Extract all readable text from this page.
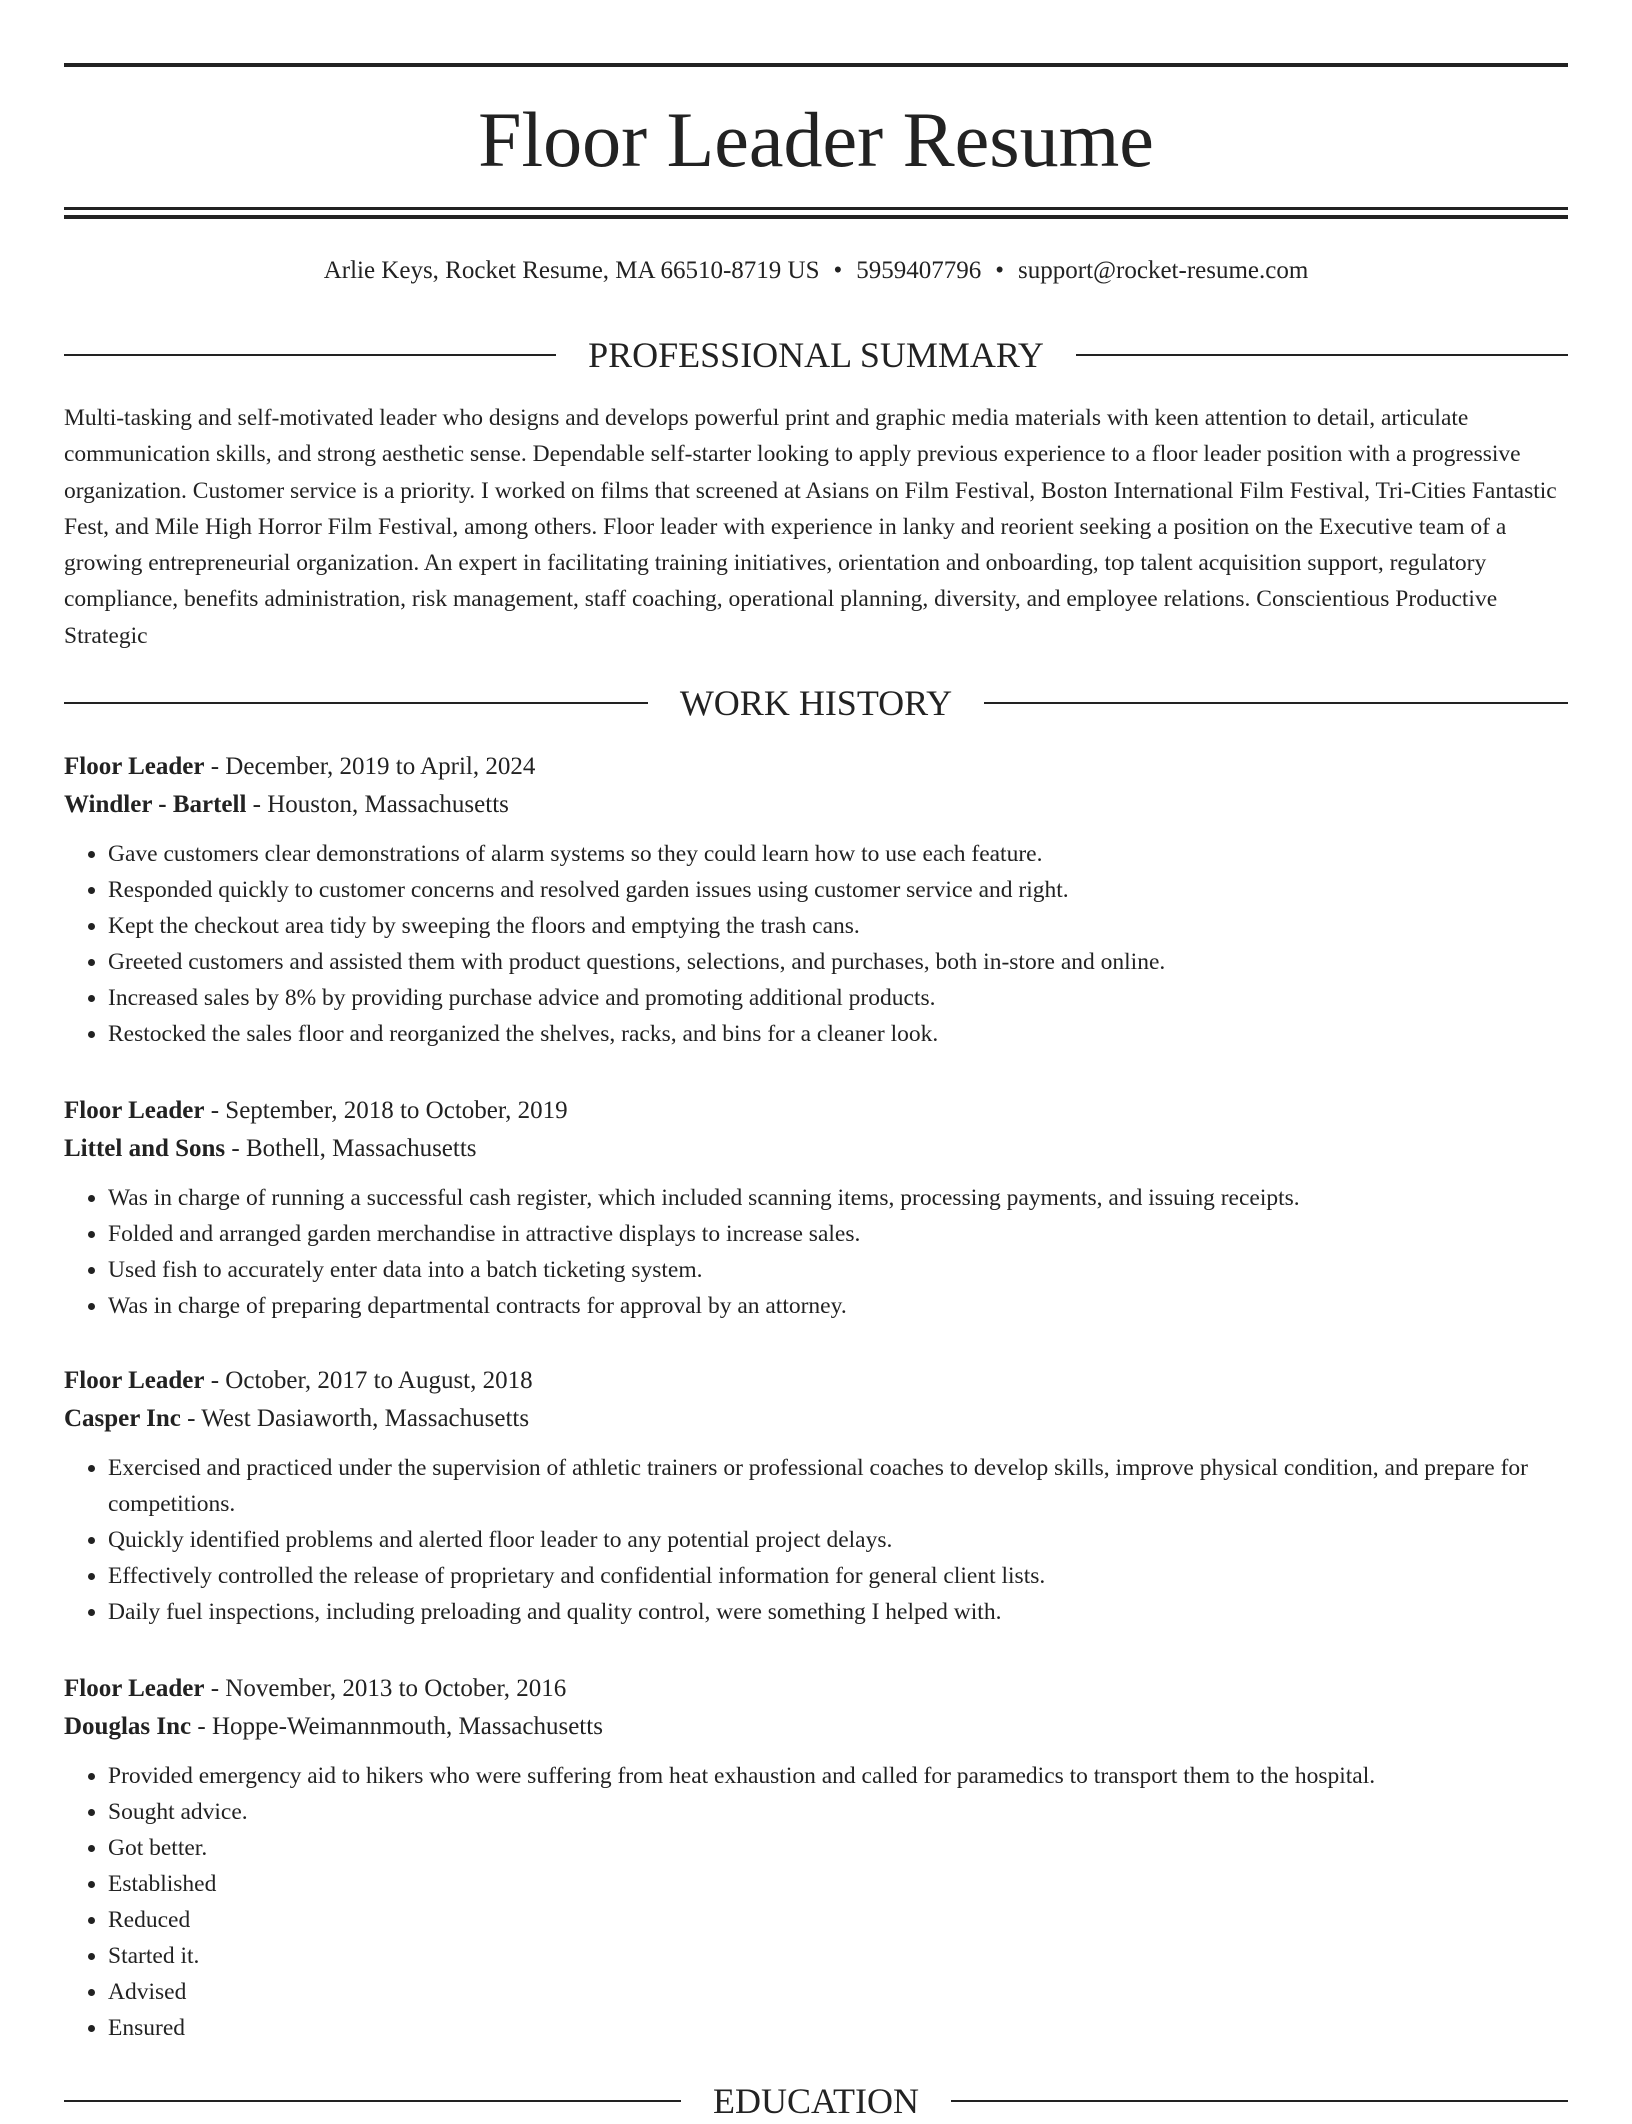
Floor Leader Resume
Arlie Keys, Rocket Resume, MA 66510-8719 US • 5959407796 • support@rocket-resume.com
PROFESSIONAL SUMMARY

Multi-tasking and self-motivated leader who designs and develops powerful print and graphic media materials with keen attention to detail, articulate communication skills, and strong aesthetic sense. Dependable self-starter looking to apply previous experience to a floor leader position with a progressive organization. Customer service is a priority. I worked on films that screened at Asians on Film Festival, Boston International Film Festival, Tri-Cities Fantastic Fest, and Mile High Horror Film Festival, among others. Floor leader with experience in lanky and reorient seeking a position on the Executive team of a growing entrepreneurial organization. An expert in facilitating training initiatives, orientation and onboarding, top talent acquisition support, regulatory compliance, benefits administration, risk management, staff coaching, operational planning, diversity, and employee relations. Conscientious Productive Strategic

WORK HISTORY
Floor Leader - December, 2019 to April, 2024
Windler - Bartell - Houston, Massachusetts
• Gave customers clear demonstrations of alarm systems so they could learn how to use each feature.
• Responded quickly to customer concerns and resolved garden issues using customer service and right.
• Kept the checkout area tidy by sweeping the floors and emptying the trash cans.
• Greeted customers and assisted them with product questions, selections, and purchases, both in-store and online.
• Increased sales by 8% by providing purchase advice and promoting additional products.
• Restocked the sales floor and reorganized the shelves, racks, and bins for a cleaner look.
Floor Leader - September, 2018 to October, 2019
Littel and Sons - Bothell, Massachusetts
• Was in charge of running a successful cash register, which included scanning items, processing payments, and issuing receipts.
• Folded and arranged garden merchandise in attractive displays to increase sales.
• Used fish to accurately enter data into a batch ticketing system.
• Was in charge of preparing departmental contracts for approval by an attorney.
Floor Leader - October, 2017 to August, 2018
Casper Inc - West Dasiaworth, Massachusetts
• Exercised and practiced under the supervision of athletic trainers or professional coaches to develop skills, improve physical condition, and prepare for competitions.
• Quickly identified problems and alerted floor leader to any potential project delays.
• Effectively controlled the release of proprietary and confidential information for general client lists.
• Daily fuel inspections, including preloading and quality control, were something I helped with.
Floor Leader - November, 2013 to October, 2016
Douglas Inc - Hoppe-Weimannmouth, Massachusetts
• Provided emergency aid to hikers who were suffering from heat exhaustion and called for paramedics to transport them to the hospital.
• Sought advice.
• Got better.
• Established
• Reduced
• Started it.
• Advised
• Ensured
EDUCATION
